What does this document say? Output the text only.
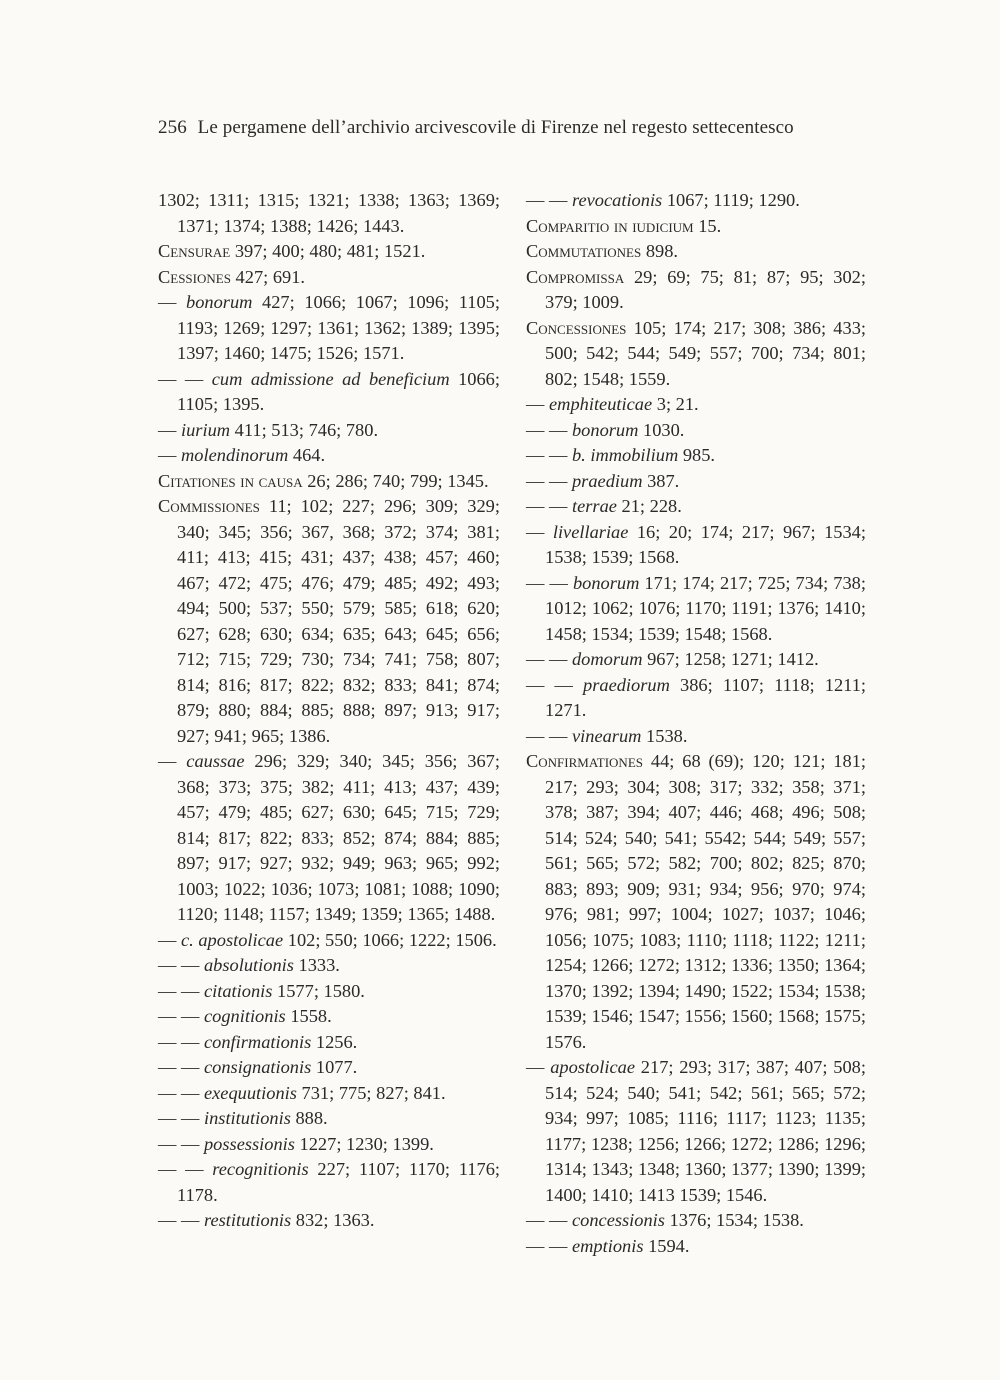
256 Le pergamene dell’archivio arcivescovile di Firenze nel regesto settecentesco

1302; 1311; 1315; 1321; 1338; 1363; 1369; 1371; 1374; 1388; 1426; 1443.

Censurae 397; 400; 480; 481; 1521.

Cessiones 427; 691.

— bonorum 427; 1066; 1067; 1096; 1105; 1193; 1269; 1297; 1361; 1362; 1389; 1395; 1397; 1460; 1475; 1526; 1571.

— — cum admissione ad beneficium 1066; 1105; 1395.

— iurium 411; 513; 746; 780.

— molendinorum 464.

Citationes in causa 26; 286; 740; 799; 1345.

Commissiones 11; 102; 227; 296; 309; 329; 340; 345; 356; 367, 368; 372; 374; 381; 411; 413; 415; 431; 437; 438; 457; 460; 467; 472; 475; 476; 479; 485; 492; 493; 494; 500; 537; 550; 579; 585; 618; 620; 627; 628; 630; 634; 635; 643; 645; 656; 712; 715; 729; 730; 734; 741; 758; 807; 814; 816; 817; 822; 832; 833; 841; 874; 879; 880; 884; 885; 888; 897; 913; 917; 927; 941; 965; 1386.

— caussae 296; 329; 340; 345; 356; 367; 368; 373; 375; 382; 411; 413; 437; 439; 457; 479; 485; 627; 630; 645; 715; 729; 814; 817; 822; 833; 852; 874; 884; 885; 897; 917; 927; 932; 949; 963; 965; 992; 1003; 1022; 1036; 1073; 1081; 1088; 1090; 1120; 1148; 1157; 1349; 1359; 1365; 1488.

— c. apostolicae 102; 550; 1066; 1222; 1506.

— — absolutionis 1333.

— — citationis 1577; 1580.

— — cognitionis 1558.

— — confirmationis 1256.

— — consignationis 1077.

— — exequutionis 731; 775; 827; 841.

— — institutionis 888.

— — possessionis 1227; 1230; 1399.

— — recognitionis 227; 1107; 1170; 1176; 1178.

— — restitutionis 832; 1363.

— — revocationis 1067; 1119; 1290.

Comparitio in iudicium 15.

Commutationes 898.

Compromissa 29; 69; 75; 81; 87; 95; 302; 379; 1009.

Concessiones 105; 174; 217; 308; 386; 433; 500; 542; 544; 549; 557; 700; 734; 801; 802; 1548; 1559.

— emphiteuticae 3; 21.

— — bonorum 1030.

— — b. immobilium 985.

— — praedium 387.

— — terrae 21; 228.

— livellariae 16; 20; 174; 217; 967; 1534; 1538; 1539; 1568.

— — bonorum 171; 174; 217; 725; 734; 738; 1012; 1062; 1076; 1170; 1191; 1376; 1410; 1458; 1534; 1539; 1548; 1568.

— — domorum 967; 1258; 1271; 1412.

— — praediorum 386; 1107; 1118; 1211; 1271.

— — vinearum 1538.

Confirmationes 44; 68 (69); 120; 121; 181; 217; 293; 304; 308; 317; 332; 358; 371; 378; 387; 394; 407; 446; 468; 496; 508; 514; 524; 540; 541; 5542; 544; 549; 557; 561; 565; 572; 582; 700; 802; 825; 870; 883; 893; 909; 931; 934; 956; 970; 974; 976; 981; 997; 1004; 1027; 1037; 1046; 1056; 1075; 1083; 1110; 1118; 1122; 1211; 1254; 1266; 1272; 1312; 1336; 1350; 1364; 1370; 1392; 1394; 1490; 1522; 1534; 1538; 1539; 1546; 1547; 1556; 1560; 1568; 1575; 1576.

— apostolicae 217; 293; 317; 387; 407; 508; 514; 524; 540; 541; 542; 561; 565; 572; 934; 997; 1085; 1116; 1117; 1123; 1135; 1177; 1238; 1256; 1266; 1272; 1286; 1296; 1314; 1343; 1348; 1360; 1377; 1390; 1399; 1400; 1410; 1413 1539; 1546.

— — concessionis 1376; 1534; 1538.

— — emptionis 1594.
